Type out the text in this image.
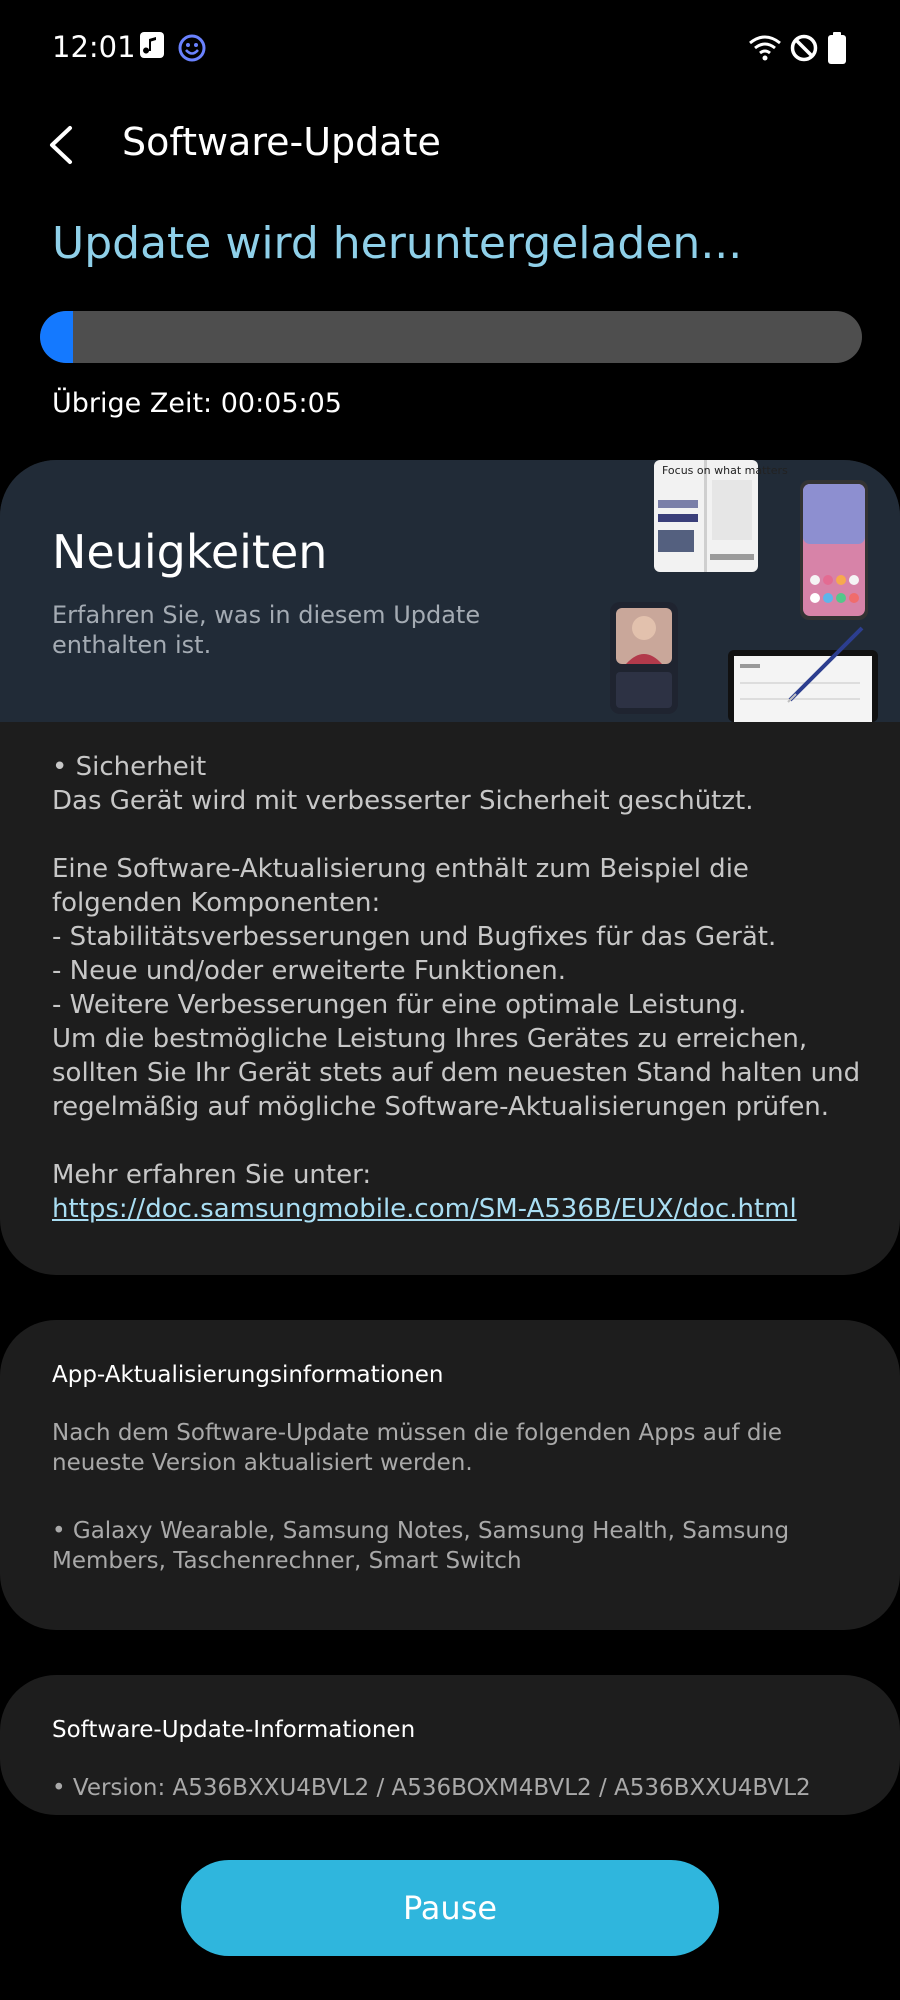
12:01
Software-Update
Update wird heruntergeladen...
Übrige Zeit: 00:05:05
Neuigkeiten
Erfahren Sie, was in diesem Update enthalten ist.
Focus on what matters

• Sicherheit

Das Gerät wird mit verbesserter Sicherheit geschützt.

Eine Software-Aktualisierung enthält zum Beispiel die

folgenden Komponenten:

- Stabilitätsverbesserungen und Bugfixes für das Gerät.

- Neue und/oder erweiterte Funktionen.

- Weitere Verbesserungen für eine optimale Leistung.

Um die bestmögliche Leistung Ihres Gerätes zu erreichen,

sollten Sie Ihr Gerät stets auf dem neuesten Stand halten und

regelmäßig auf mögliche Software-Aktualisierungen prüfen.

Mehr erfahren Sie unter:

https://doc.samsungmobile.com/SM-A536B/EUX/doc.html

App-Aktualisierungsinformationen
Nach dem Software-Update müssen die folgenden Apps auf die neueste Version aktualisiert werden.
• Galaxy Wearable, Samsung Notes, Samsung Health, Samsung Members, Taschenrechner, Smart Switch
Software-Update-Informationen
• Version: A536BXXU4BVL2 / A536BOXM4BVL2 / A536BXXU4BVL2
Pause
